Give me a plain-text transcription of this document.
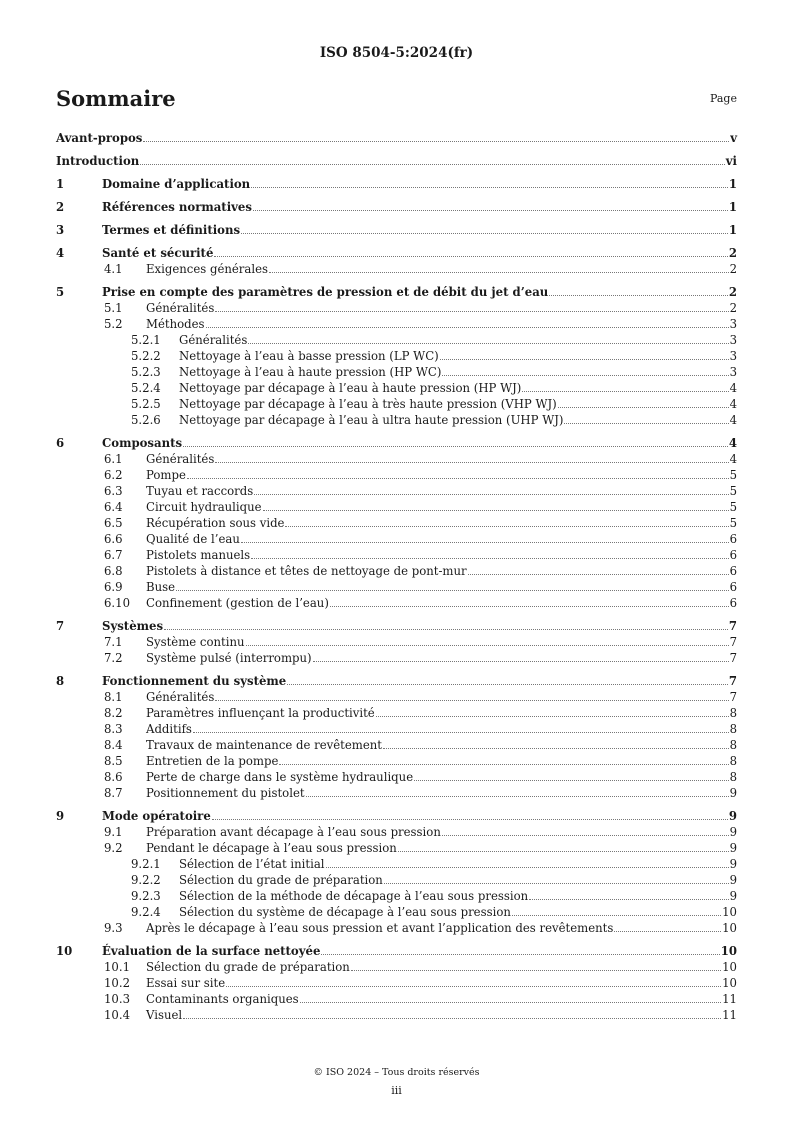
ISO 8504-5:2024(fr)
Sommaire	Page
Avant-propos	v
Introduction	vi
1	Domaine d’application	1
2	Références normatives	1
3	Termes et définitions	1
4	Santé et sécurité	2
4.1	Exigences générales	2
5	Prise en compte des paramètres de pression et de débit du jet d’eau	2
5.1	Généralités	2
5.2	Méthodes	3
5.2.1	Généralités	3
5.2.2	Nettoyage à l’eau à basse pression (LP WC)	3
5.2.3	Nettoyage à l’eau à haute pression (HP WC)	3
5.2.4	Nettoyage par décapage à l’eau à haute pression (HP WJ)	4
5.2.5	Nettoyage par décapage à l’eau à très haute pression (VHP WJ)	4
5.2.6	Nettoyage par décapage à l’eau à ultra haute pression (UHP WJ)	4
6	Composants	4
6.1	Généralités	4
6.2	Pompe	5
6.3	Tuyau et raccords	5
6.4	Circuit hydraulique	5
6.5	Récupération sous vide	5
6.6	Qualité de l’eau	6
6.7	Pistolets manuels	6
6.8	Pistolets à distance et têtes de nettoyage de pont-mur	6
6.9	Buse	6
6.10	Confinement (gestion de l’eau)	6
7	Systèmes	7
7.1	Système continu	7
7.2	Système pulsé (interrompu)	7
8	Fonctionnement du système	7
8.1	Généralités	7
8.2	Paramètres influençant la productivité	8
8.3	Additifs	8
8.4	Travaux de maintenance de revêtement	8
8.5	Entretien de la pompe	8
8.6	Perte de charge dans le système hydraulique	8
8.7	Positionnement du pistolet	9
9	Mode opératoire	9
9.1	Préparation avant décapage à l’eau sous pression	9
9.2	Pendant le décapage à l’eau sous pression	9
9.2.1	Sélection de l’état initial	9
9.2.2	Sélection du grade de préparation	9
9.2.3	Sélection de la méthode de décapage à l’eau sous pression	9
9.2.4	Sélection du système de décapage à l’eau sous pression	10
9.3	Après le décapage à l’eau sous pression et avant l’application des revêtements	10
10	Évaluation de la surface nettoyée	10
10.1	Sélection du grade de préparation	10
10.2	Essai sur site	10
10.3	Contaminants organiques	11
10.4	Visuel	11
© ISO 2024 – Tous droits réservés
iii
